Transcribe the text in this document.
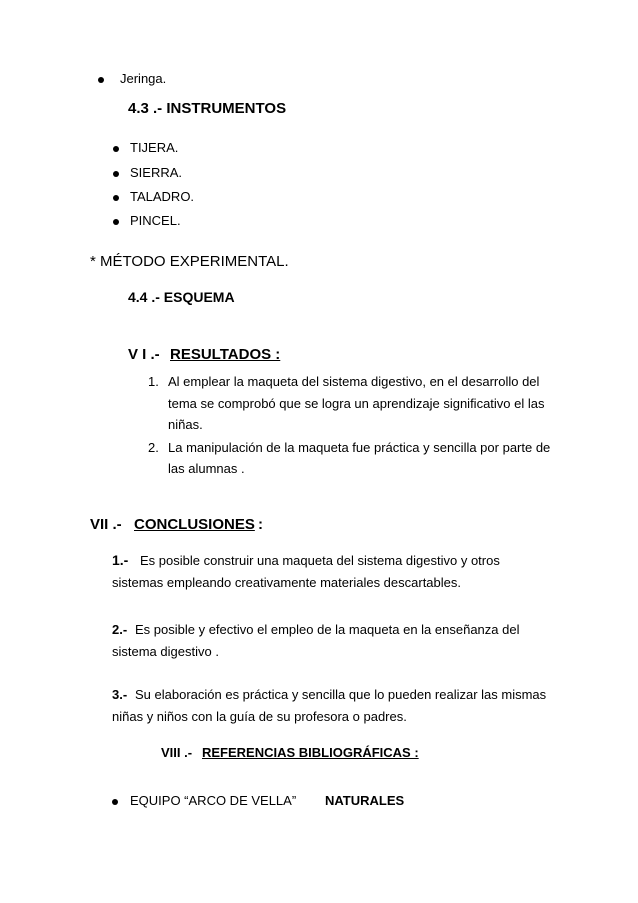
Jeringa.
4.3 .- INSTRUMENTOS
TIJERA.
SIERRA.
TALADRO.
PINCEL.
* MÉTODO EXPERIMENTAL.
4.4 .- ESQUEMA
V I .- RESULTADOS :
1. Al emplear la maqueta del sistema digestivo, en el desarrollo del
tema se comprobó que se logra un aprendizaje significativo el las
niñas.
2. La manipulación de la maqueta fue práctica y sencilla por parte de
las alumnas .
VII .- CONCLUSIONES :
1.- Es posible construir una maqueta del sistema digestivo y otros
sistemas empleando creativamente materiales descartables.
2.- Es posible y efectivo el empleo de la maqueta en la enseñanza del
sistema digestivo .
3.- Su elaboración es práctica y sencilla que lo pueden realizar las mismas
niñas y niños con la guía de su profesora o padres.
VIII .- REFERENCIAS BIBLIOGRÁFICAS :
EQUIPO “ARCO DE VELLA” NATURALES
